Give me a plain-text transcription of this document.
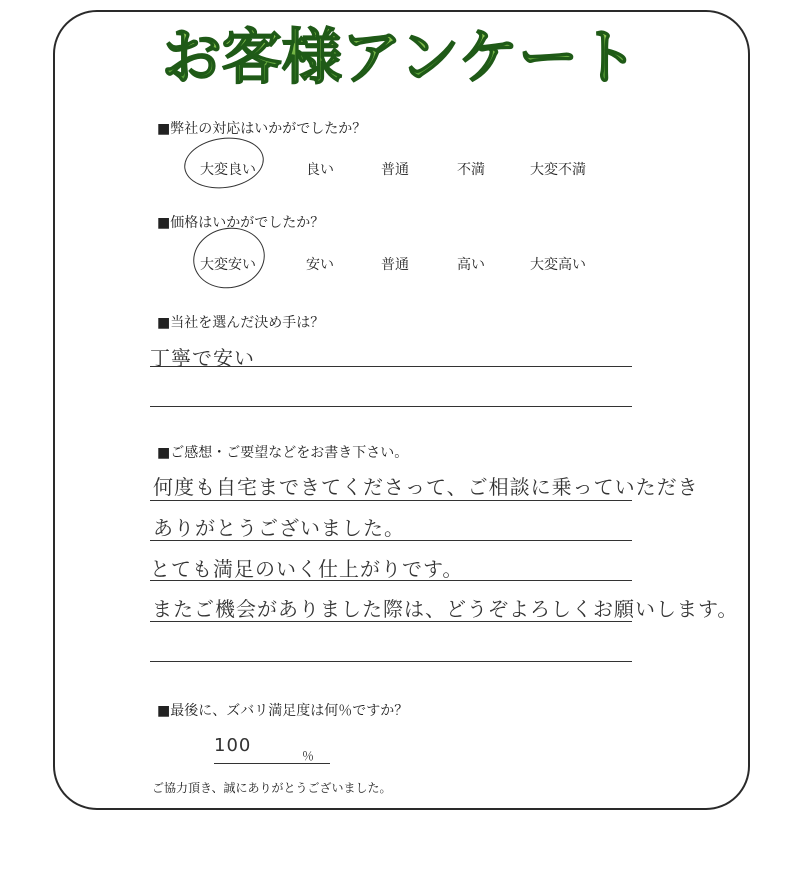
お客様アンケート
■弊社の対応はいかがでしたか？
大変良い	良い	普通	不満	大変不満
■価格はいかがでしたか？
大変安い	安い	普通	高い	大変高い
■当社を選んだ決め手は？
丁寧で安い
■ご感想・ご要望などをお書き下さい。
何度も自宅まできてくださって、ご相談に乗っていただき
ありがとうございました。
とても満足のいく仕上がりです。
またご機会がありました際は、どうぞよろしくお願いします。
■最後に、ズバリ満足度は何％ですか？
100	％
ご協力頂き、誠にありがとうございました。
